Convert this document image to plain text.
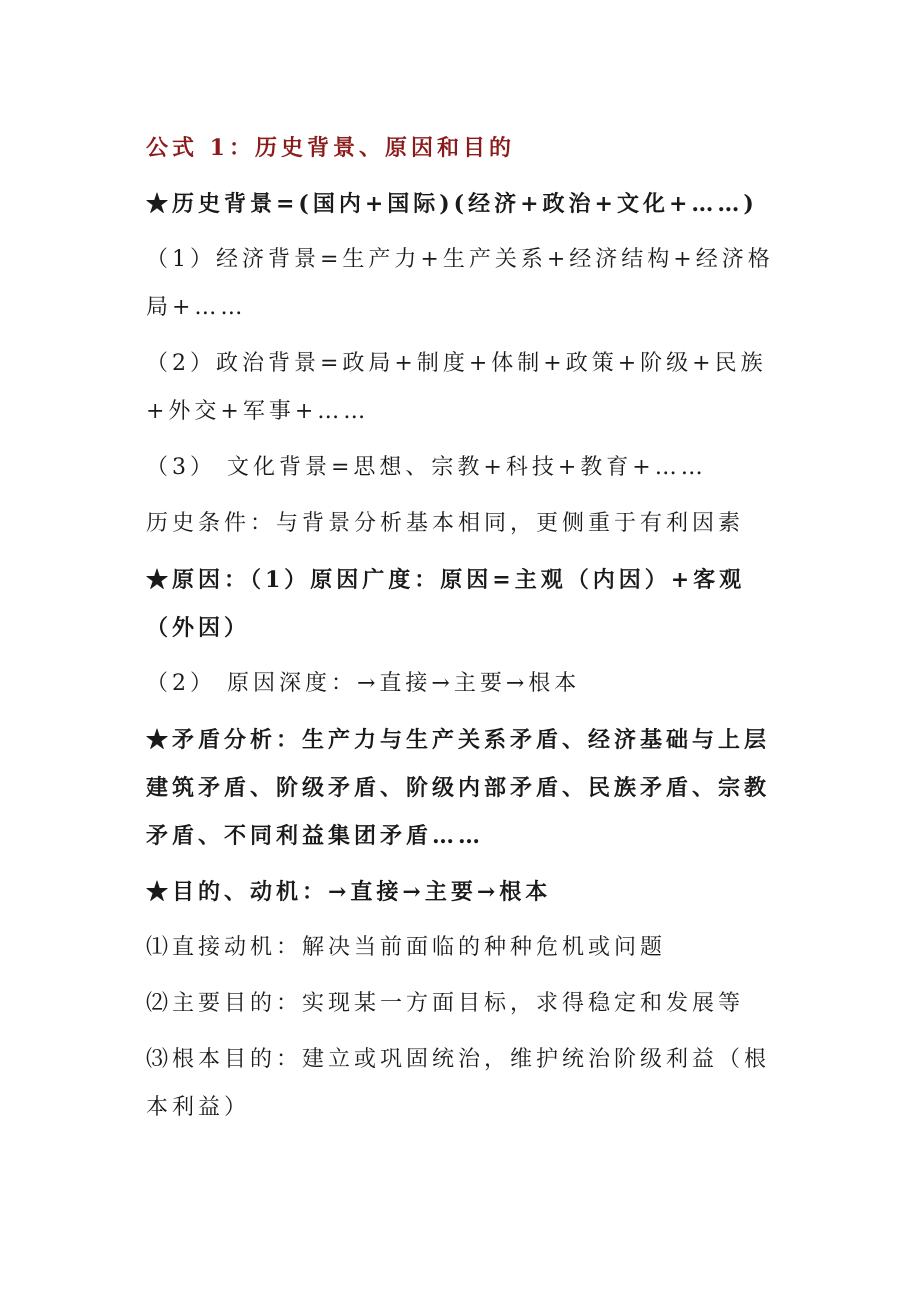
公式 1：历史背景、原因和目的
★历史背景=(国内+国际)(经济+政治+文化+……)
（1）经济背景=生产力+生产关系+经济结构+经济格局+……
（2）政治背景=政局+制度+体制+政策+阶级+民族+外交+军事+……
（3） 文化背景=思想、宗教+科技+教育+……
历史条件：与背景分析基本相同，更侧重于有利因素
★原因：（1）原因广度：原因=主观（内因）+客观（外因）
（2） 原因深度：→直接→主要→根本
★矛盾分析：生产力与生产关系矛盾、经济基础与上层建筑矛盾、阶级矛盾、阶级内部矛盾、民族矛盾、宗教矛盾、不同利益集团矛盾……
★目的、动机：→直接→主要→根本
⑴直接动机：解决当前面临的种种危机或问题
⑵主要目的：实现某一方面目标，求得稳定和发展等
⑶根本目的：建立或巩固统治，维护统治阶级利益（根本利益）
